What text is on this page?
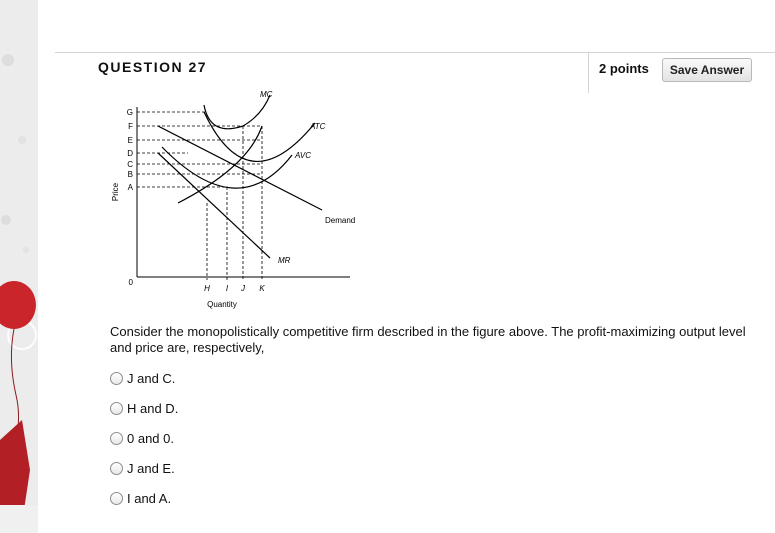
QUESTION 27	2 points	Save Answer
Price
G
F
E
D
C
B
A
0
H I J K
Quantity
MC
ATC
AVC
MR
Demand
Consider the monopolistically competitive firm described in the figure above. The profit-maximizing output level and price are, respectively,
J and C.
H and D.
0 and 0.
J and E.
I and A.
